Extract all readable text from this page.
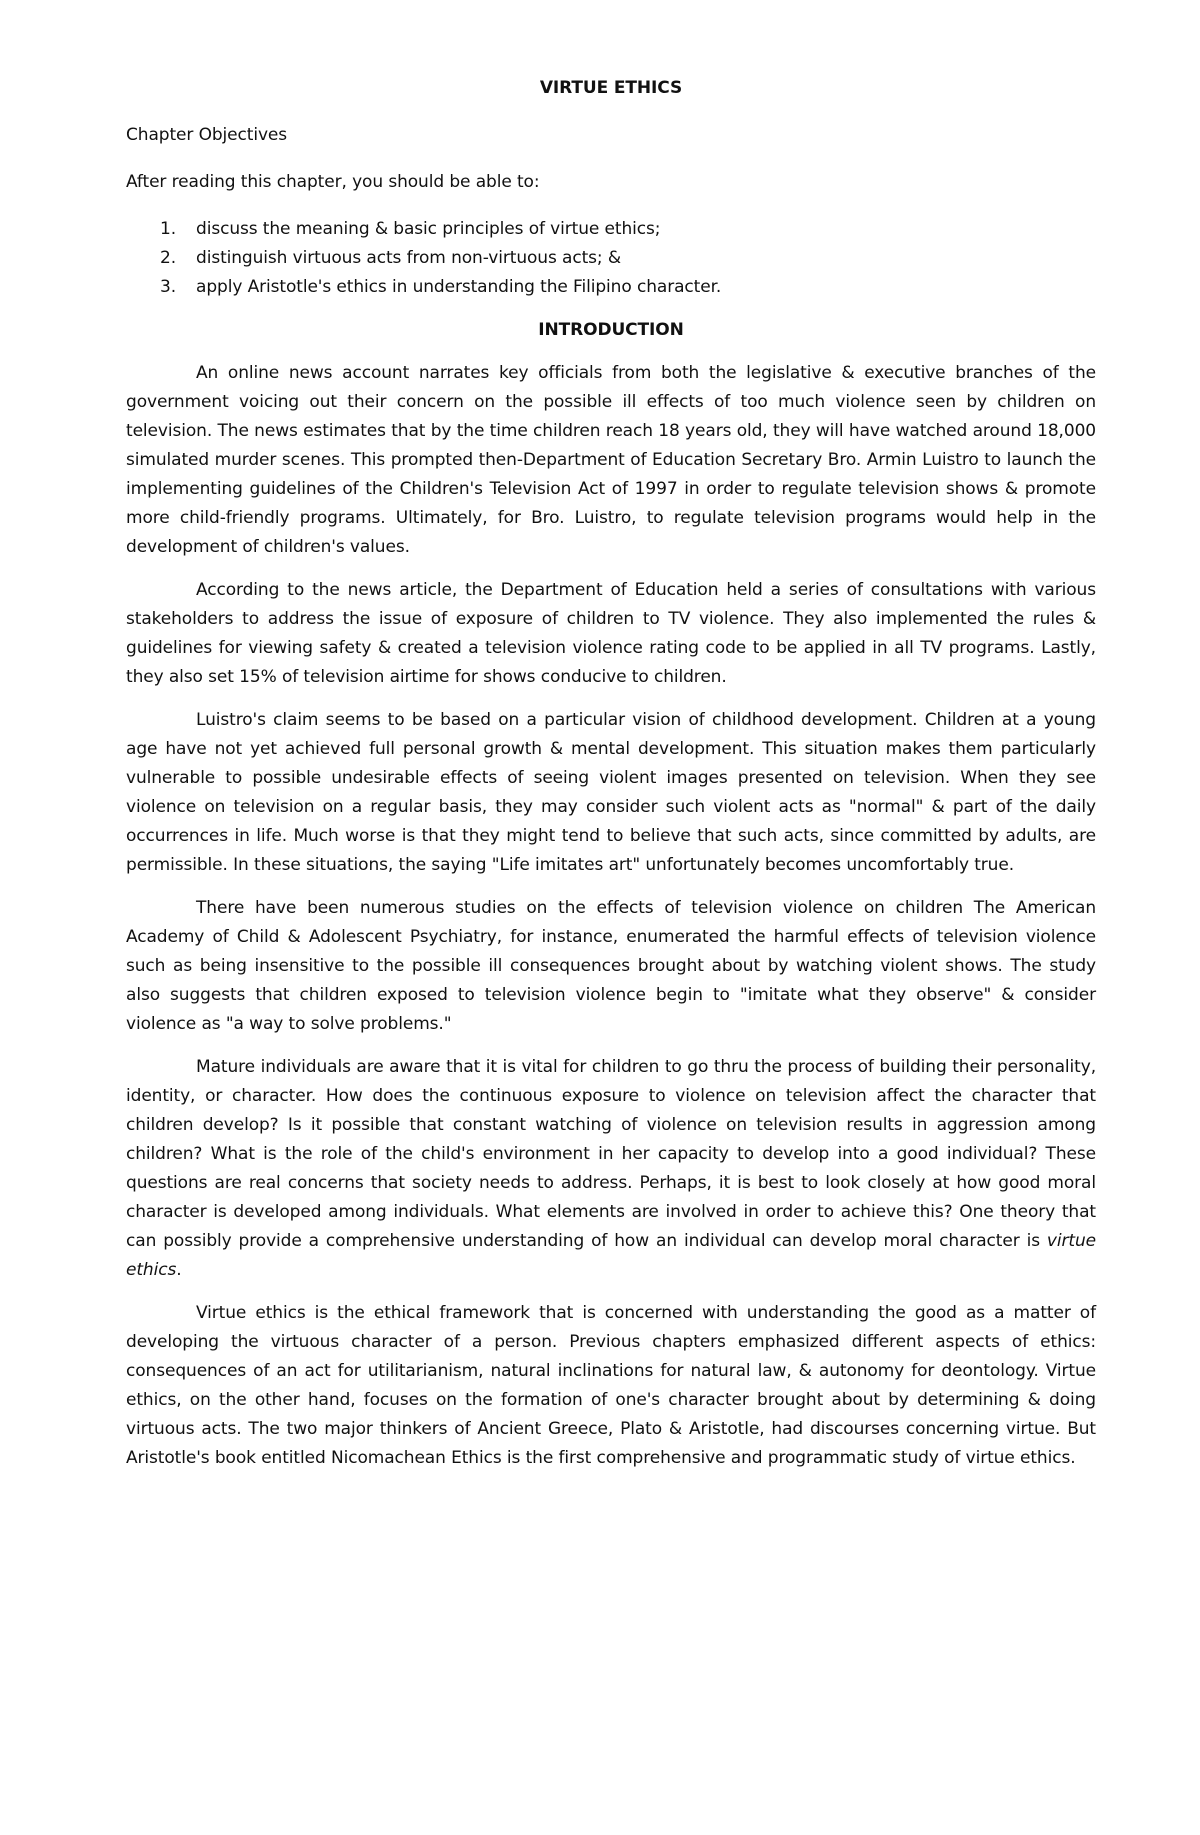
VIRTUE ETHICS

Chapter Objectives

After reading this chapter, you should be able to:

1.	discuss the meaning & basic principles of virtue ethics;
2.	distinguish virtuous acts from non-virtuous acts; &
3.	apply Aristotle's ethics in understanding the Filipino character.

INTRODUCTION

An online news account narrates key officials from both the legislative & executive branches of the government voicing out their concern on the possible ill effects of too much violence seen by children on television. The news estimates that by the time children reach 18 years old, they will have watched around 18,000 simulated murder scenes. This prompted then-Department of Education Secretary Bro. Armin Luistro to launch the implementing guidelines of the Children's Television Act of 1997 in order to regulate television shows & promote more child-friendly programs. Ultimately, for Bro. Luistro, to regulate television programs would help in the development of children's values.

According to the news article, the Department of Education held a series of consultations with various stakeholders to address the issue of exposure of children to TV violence. They also implemented the rules & guidelines for viewing safety & created a television violence rating code to be applied in all TV programs. Lastly, they also set 15% of television airtime for shows conducive to children.

Luistro's claim seems to be based on a particular vision of childhood development. Children at a young age have not yet achieved full personal growth & mental development. This situation makes them particularly vulnerable to possible undesirable effects of seeing violent images presented on television. When they see violence on television on a regular basis, they may consider such violent acts as "normal" & part of the daily occurrences in life. Much worse is that they might tend to believe that such acts, since committed by adults, are permissible. In these situations, the saying "Life imitates art" unfortunately becomes uncomfortably true.

There have been numerous studies on the effects of television violence on children The American Academy of Child & Adolescent Psychiatry, for instance, enumerated the harmful effects of television violence such as being insensitive to the possible ill consequences brought about by watching violent shows. The study also suggests that children exposed to television violence begin to "imitate what they observe" & consider violence as "a way to solve problems."

Mature individuals are aware that it is vital for children to go thru the process of building their personality, identity, or character. How does the continuous exposure to violence on television affect the character that children develop? Is it possible that constant watching of violence on television results in aggression among children? What is the role of the child's environment in her capacity to develop into a good individual? These questions are real concerns that society needs to address. Perhaps, it is best to look closely at how good moral character is developed among individuals. What elements are involved in order to achieve this? One theory that can possibly provide a comprehensive understanding of how an individual can develop moral character is virtue ethics.

Virtue ethics is the ethical framework that is concerned with understanding the good as a matter of developing the virtuous character of a person. Previous chapters emphasized different aspects of ethics: consequences of an act for utilitarianism, natural inclinations for natural law, & autonomy for deontology. Virtue ethics, on the other hand, focuses on the formation of one's character brought about by determining & doing virtuous acts. The two major thinkers of Ancient Greece, Plato & Aristotle, had discourses concerning virtue. But Aristotle's book entitled Nicomachean Ethics is the first comprehensive and programmatic study of virtue ethics.
